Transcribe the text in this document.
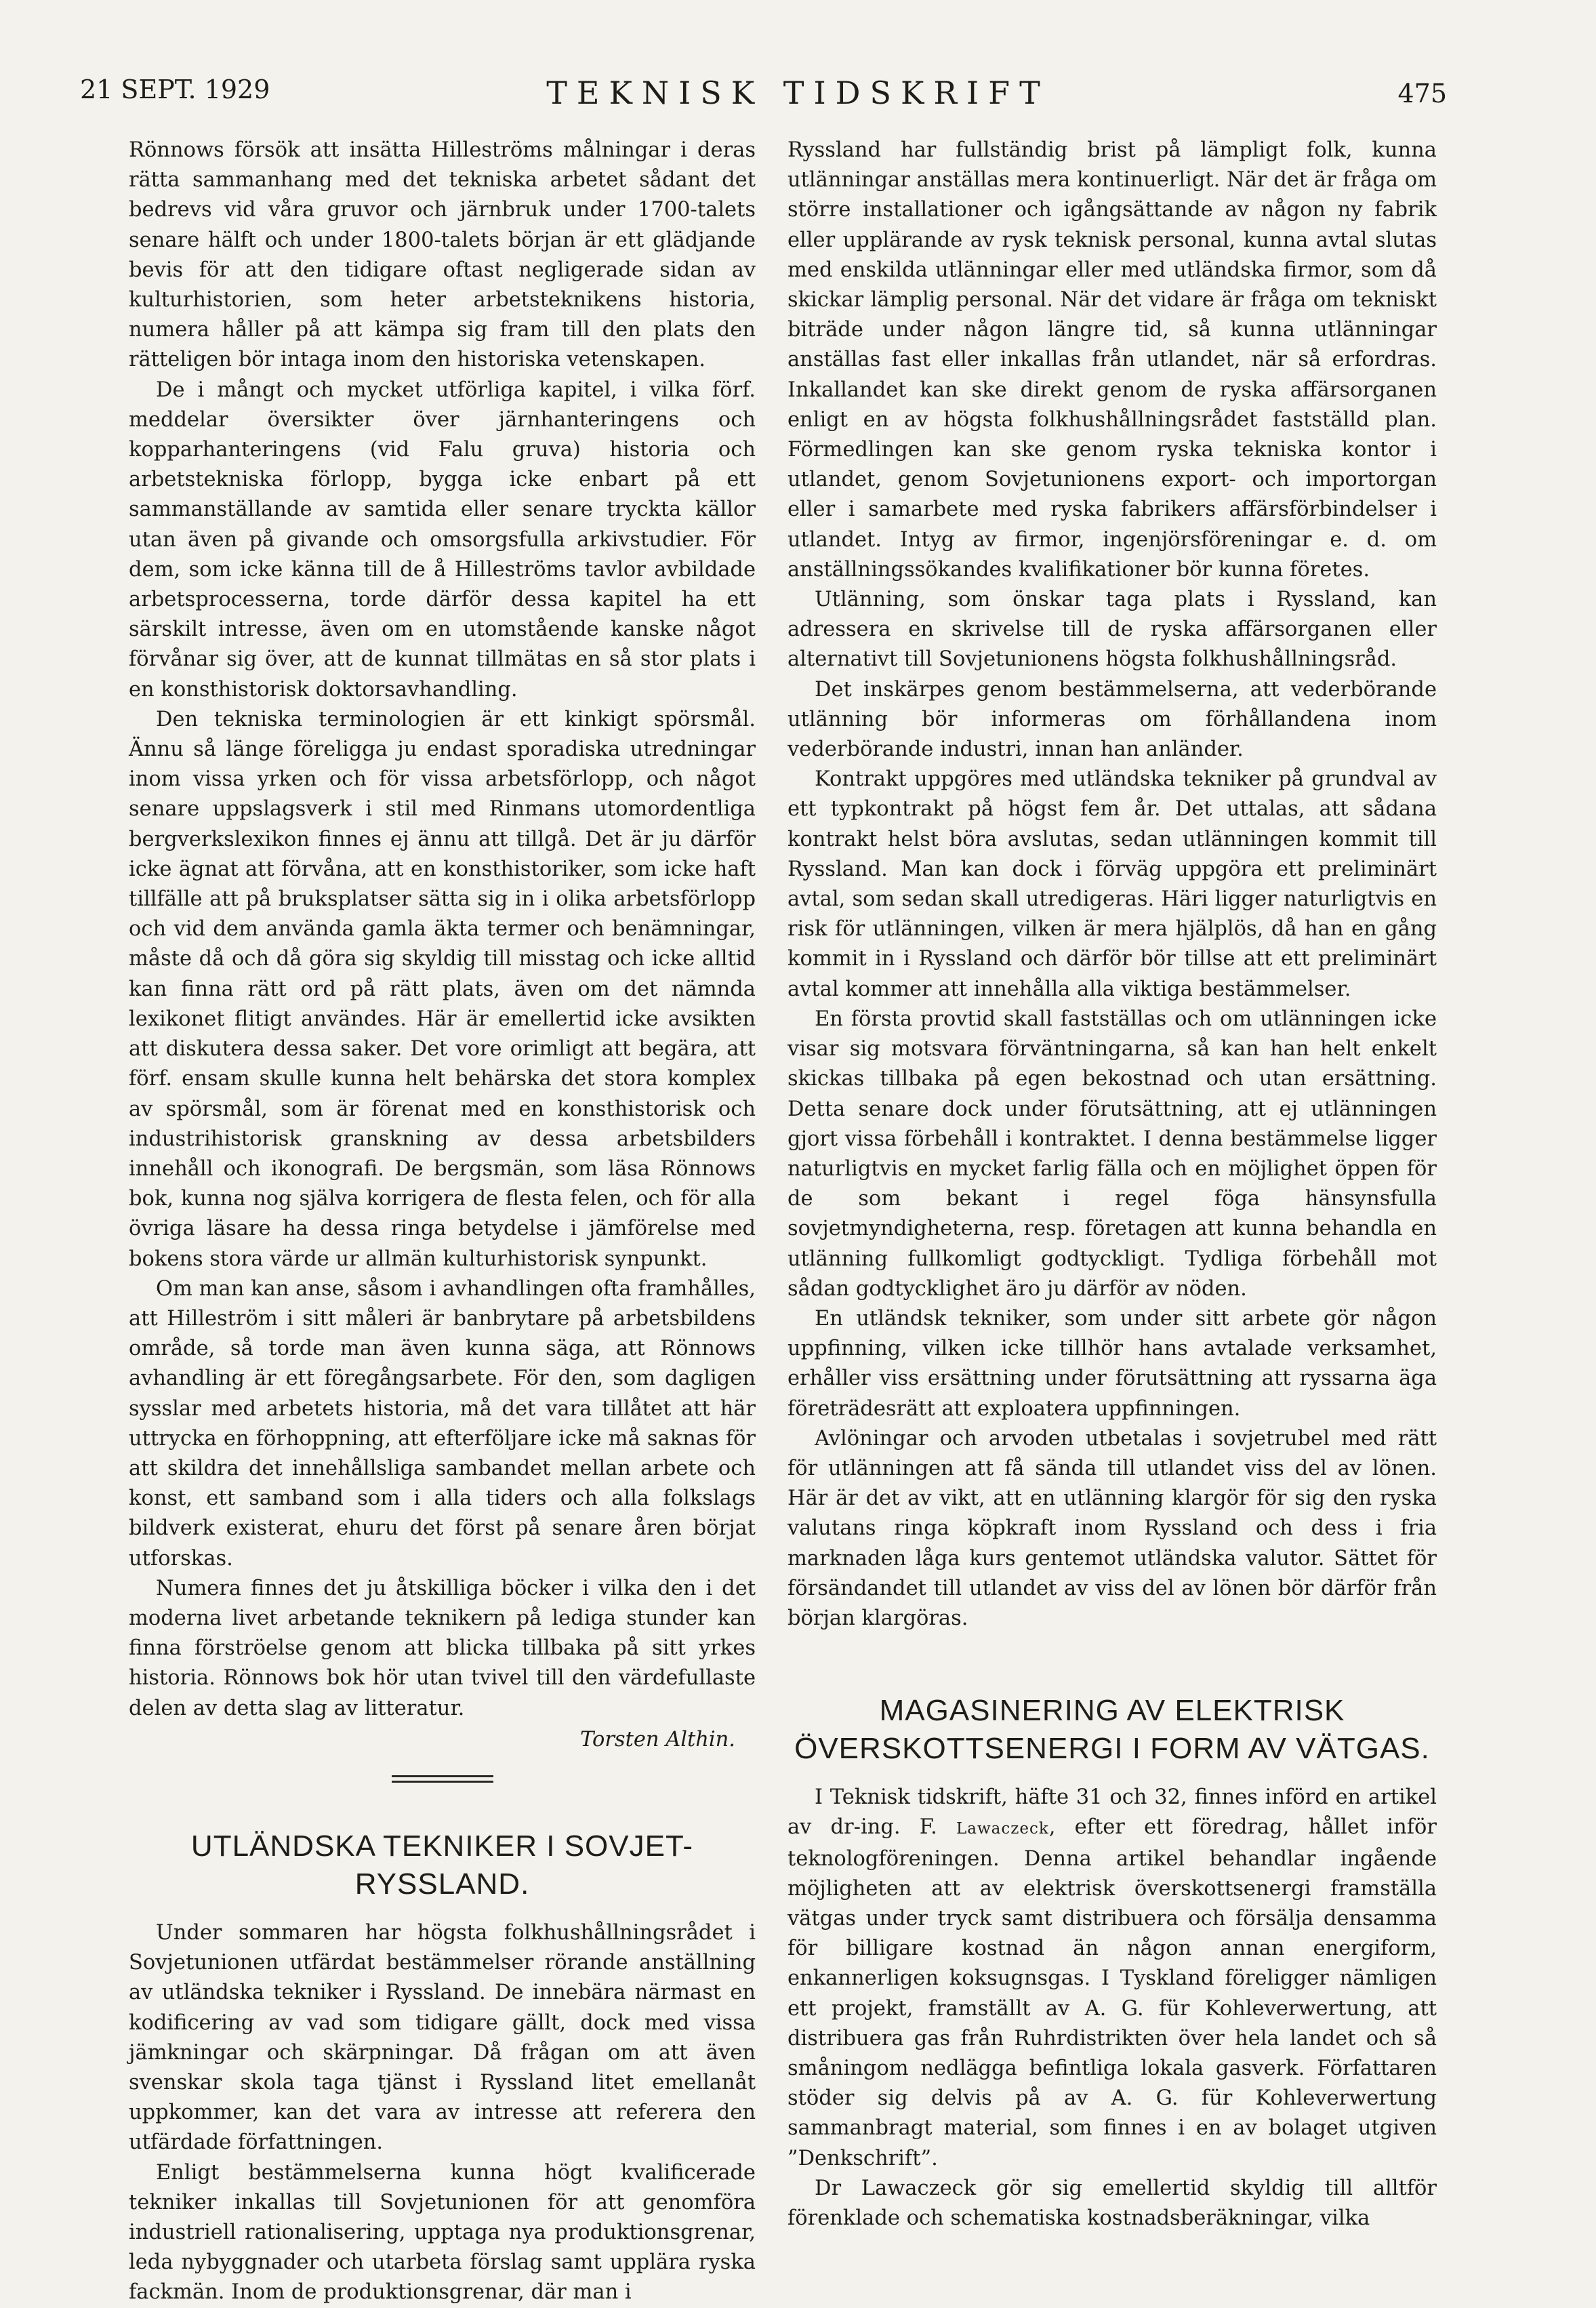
21 SEPT. 1929	TEKNISK TIDSKRIFT	475

Rönnows försök att insätta Hilleströms målningar i deras rätta sammanhang med det tekniska arbetet sådant det bedrevs vid våra gruvor och järnbruk under 1700-talets senare hälft och under 1800-talets början är ett glädjande bevis för att den tidigare oftast negligerade sidan av kulturhistorien, som heter arbetsteknikens historia, numera håller på att kämpa sig fram till den plats den rätteligen bör intaga inom den historiska vetenskapen.

De i mångt och mycket utförliga kapitel, i vilka förf. meddelar översikter över järnhanteringens och kopparhanteringens (vid Falu gruva) historia och arbetstekniska förlopp, bygga icke enbart på ett sammanställande av samtida eller senare tryckta källor utan även på givande och omsorgsfulla arkivstudier. För dem, som icke känna till de å Hilleströms tavlor avbildade arbetsprocesserna, torde därför dessa kapitel ha ett särskilt intresse, även om en utomstående kanske något förvånar sig över, att de kunnat tillmätas en så stor plats i en konsthistorisk doktorsavhandling.

Den tekniska terminologien är ett kinkigt spörsmål. Ännu så länge föreligga ju endast sporadiska utredningar inom vissa yrken och för vissa arbetsförlopp, och något senare uppslagsverk i stil med Rinmans utomordentliga bergverkslexikon finnes ej ännu att tillgå. Det är ju därför icke ägnat att förvåna, att en konsthistoriker, som icke haft tillfälle att på bruksplatser sätta sig in i olika arbetsförlopp och vid dem använda gamla äkta termer och benämningar, måste då och då göra sig skyldig till misstag och icke alltid kan finna rätt ord på rätt plats, även om det nämnda lexikonet flitigt användes. Här är emellertid icke avsikten att diskutera dessa saker. Det vore orimligt att begära, att förf. ensam skulle kunna helt behärska det stora komplex av spörsmål, som är förenat med en konsthistorisk och industrihistorisk granskning av dessa arbetsbilders innehåll och ikonografi. De bergsmän, som läsa Rönnows bok, kunna nog själva korrigera de flesta felen, och för alla övriga läsare ha dessa ringa betydelse i jämförelse med bokens stora värde ur allmän kulturhistorisk synpunkt.

Om man kan anse, såsom i avhandlingen ofta framhålles, att Hilleström i sitt måleri är banbrytare på arbetsbildens område, så torde man även kunna säga, att Rönnows avhandling är ett föregångsarbete. För den, som dagligen sysslar med arbetets historia, må det vara tillåtet att här uttrycka en förhoppning, att efterföljare icke må saknas för att skildra det innehållsliga sambandet mellan arbete och konst, ett samband som i alla tiders och alla folkslags bildverk existerat, ehuru det först på senare åren börjat utforskas.

Numera finnes det ju åtskilliga böcker i vilka den i det moderna livet arbetande teknikern på lediga stunder kan finna förströelse genom att blicka tillbaka på sitt yrkes historia. Rönnows bok hör utan tvivel till den värdefullaste delen av detta slag av litteratur.

Torsten Althin.
UTLÄNDSKA TEKNIKER I SOVJET-RYSSLAND.

Under sommaren har högsta folkhushållningsrådet i Sovjetunionen utfärdat bestämmelser rörande anställning av utländska tekniker i Ryssland. De innebära närmast en kodificering av vad som tidigare gällt, dock med vissa jämkningar och skärpningar. Då frågan om att även svenskar skola taga tjänst i Ryssland litet emellanåt uppkommer, kan det vara av intresse att referera den utfärdade författningen.

Enligt bestämmelserna kunna högt kvalificerade tekniker inkallas till Sovjetunionen för att genomföra industriell rationalisering, upptaga nya produktionsgrenar, leda nybyggnader och utarbeta förslag samt upplära ryska fackmän. Inom de produktionsgrenar, där man i

Ryssland har fullständig brist på lämpligt folk, kunna utlänningar anställas mera kontinuerligt. När det är fråga om större installationer och igångsättande av någon ny fabrik eller upplärande av rysk teknisk personal, kunna avtal slutas med enskilda utlänningar eller med utländska firmor, som då skickar lämplig personal. När det vidare är fråga om tekniskt biträde under någon längre tid, så kunna utlänningar anställas fast eller inkallas från utlandet, när så erfordras. Inkallandet kan ske direkt genom de ryska affärsorganen enligt en av högsta folkhushållningsrådet fastställd plan. Förmedlingen kan ske genom ryska tekniska kontor i utlandet, genom Sovjetunionens export- och importorgan eller i samarbete med ryska fabrikers affärsförbindelser i utlandet. Intyg av firmor, ingenjörsföreningar e. d. om anställningssökandes kvalifikationer bör kunna företes.

Utlänning, som önskar taga plats i Ryssland, kan adressera en skrivelse till de ryska affärsorganen eller alternativt till Sovjetunionens högsta folkhushållningsråd.

Det inskärpes genom bestämmelserna, att vederbörande utlänning bör informeras om förhållandena inom vederbörande industri, innan han anländer.

Kontrakt uppgöres med utländska tekniker på grundval av ett typkontrakt på högst fem år. Det uttalas, att sådana kontrakt helst böra avslutas, sedan utlänningen kommit till Ryssland. Man kan dock i förväg uppgöra ett preliminärt avtal, som sedan skall utredigeras. Häri ligger naturligtvis en risk för utlänningen, vilken är mera hjälplös, då han en gång kommit in i Ryssland och därför bör tillse att ett preliminärt avtal kommer att innehålla alla viktiga bestämmelser.

En första provtid skall fastställas och om utlänningen icke visar sig motsvara förväntningarna, så kan han helt enkelt skickas tillbaka på egen bekostnad och utan ersättning. Detta senare dock under förutsättning, att ej utlänningen gjort vissa förbehåll i kontraktet. I denna bestämmelse ligger naturligtvis en mycket farlig fälla och en möjlighet öppen för de som bekant i regel föga hänsynsfulla sovjetmyndigheterna, resp. företagen att kunna behandla en utlänning fullkomligt godtyckligt. Tydliga förbehåll mot sådan godtycklighet äro ju därför av nöden.

En utländsk tekniker, som under sitt arbete gör någon uppfinning, vilken icke tillhör hans avtalade verksamhet, erhåller viss ersättning under förutsättning att ryssarna äga företrädesrätt att exploatera uppfinningen.

Avlöningar och arvoden utbetalas i sovjetrubel med rätt för utlänningen att få sända till utlandet viss del av lönen. Här är det av vikt, att en utlänning klargör för sig den ryska valutans ringa köpkraft inom Ryssland och dess i fria marknaden låga kurs gentemot utländska valutor. Sättet för försändandet till utlandet av viss del av lönen bör därför från början klargöras.

MAGASINERING AV ELEKTRISK ÖVERSKOTTSENERGI I FORM AV VÄTGAS.

I Teknisk tidskrift, häfte 31 och 32, finnes införd en artikel av dr-ing. F. Lawaczeck, efter ett föredrag, hållet inför teknologföreningen. Denna artikel behandlar ingående möjligheten att av elektrisk överskottsenergi framställa vätgas under tryck samt distribuera och försälja densamma för billigare kostnad än någon annan energiform, enkannerligen koksugnsgas. I Tyskland föreligger nämligen ett projekt, framställt av A. G. für Kohleverwertung, att distribuera gas från Ruhrdistrikten över hela landet och så småningom nedlägga befintliga lokala gasverk. Författaren stöder sig delvis på av A. G. für Kohleverwertung sammanbragt material, som finnes i en av bolaget utgiven ”Denkschrift”.

Dr Lawaczeck gör sig emellertid skyldig till alltför förenklade och schematiska kostnadsberäkningar, vilka
